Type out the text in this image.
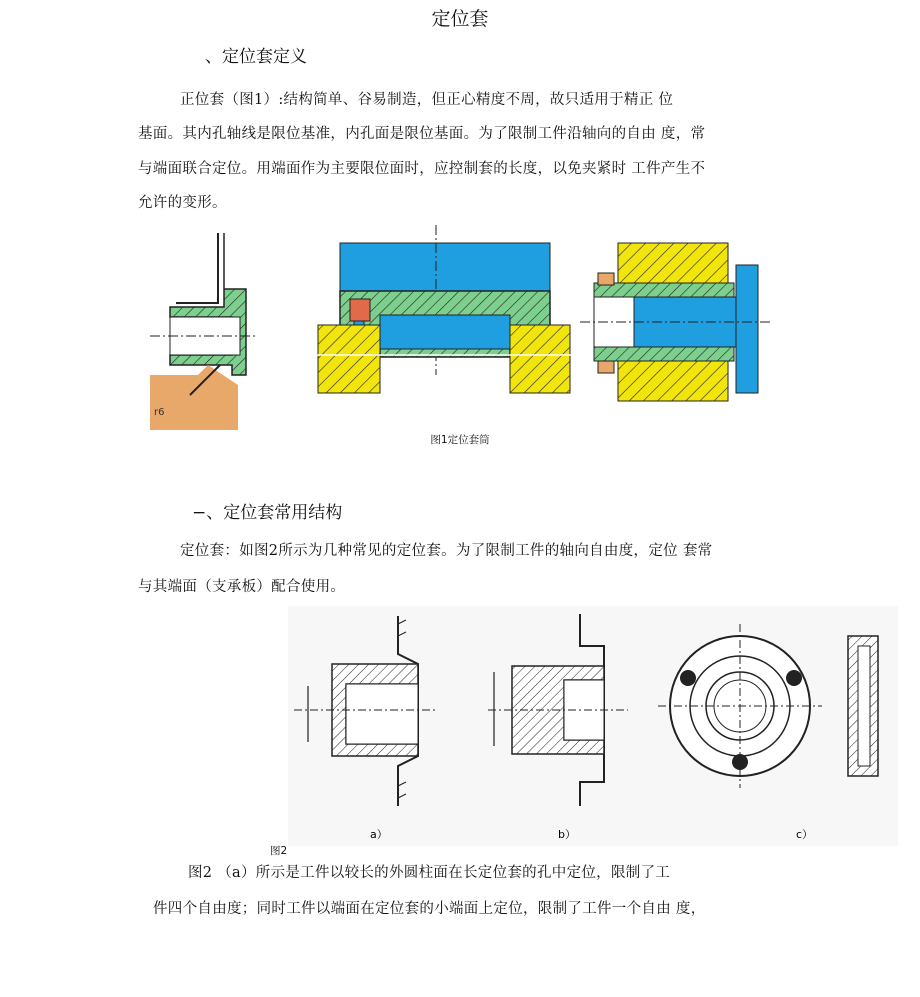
定位套
、定位套定义
正位套（图1）:结构简单、谷易制造，但正心精度不周，故只适用于精正 位
基面。其内孔轴线是限位基准，内孔面是限位基面。为了限制工件沿轴向的自由 度，常
与端面联合定位。用端面作为主要限位面时，应控制套的长度，以免夹紧时 工件产生不
允许的变形。
r6
图1定位套筒
−、定位套常用结构
定位套：如图2所示为几种常见的定位套。为了限制工件的轴向自由度，定位 套常
与其端面（支承板）配合使用。
a）	b）	c）
图2
图2 （a）所示是工件以较长的外圆柱面在长定位套的孔中定位，限制了工
件四个自由度；同时工件以端面在定位套的小端面上定位，限制了工件一个自由 度，
